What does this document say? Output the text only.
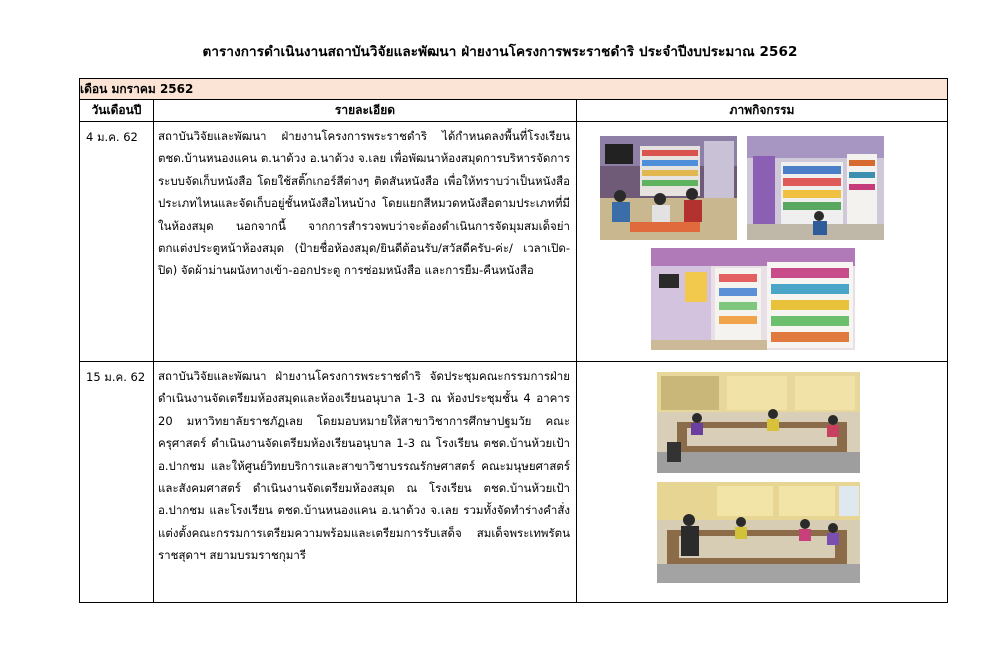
ตารางการดำเนินงานสถาบันวิจัยและพัฒนา ฝ่ายงานโครงการพระราชดำริ ประจำปีงบประมาณ 2562
เดือน มกราคม 2562		
วันเดือนปี	รายละเอียด	ภาพกิจกรรม
4 ม.ค. 62	สถาบันวิจัยและพัฒนา ฝ่ายงานโครงการพระราชดำริ ได้กำหนดลงพื้นที่โรงเรียน ตชด.บ้านหนองแคน ต.นาด้วง อ.นาด้วง จ.เลย เพื่อพัฒนาห้องสมุดการบริหารจัดการระบบจัดเก็บหนังสือ โดยใช้สติ๊กเกอร์สีต่างๆ ติดสันหนังสือ เพื่อให้ทราบว่าเป็นหนังสือประเภทไหนและจัดเก็บอยู่ชั้นหนังสือไหนบ้าง โดยแยกสีหมวดหนังสือตามประเภทที่มีในห้องสมุด นอกจากนี้ จากการสำรวจพบว่าจะต้องดำเนินการจัดมุมสมเด็จย่า ตกแต่งประตูหน้าห้องสมุด (ป้ายชื่อห้องสมุด/ยินดีต้อนรับ/สวัสดีครับ-ค่ะ/ เวลาเปิด-ปิด) จัดผ้าม่านผนังทางเข้า-ออกประตู การซ่อมหนังสือ และการยืม-คืนหนังสือ	

15 ม.ค. 62	สถาบันวิจัยและพัฒนา ฝ่ายงานโครงการพระราชดำริ จัดประชุมคณะกรรมการฝ่ายดำเนินงานจัดเตรียมห้องสมุดและห้องเรียนอนุบาล 1-3 ณ ห้องประชุมชั้น 4 อาคาร 20 มหาวิทยาลัยราชภัฏเลย โดยมอบหมายให้สาขาวิชาการศึกษาปฐมวัย คณะครุศาสตร์ ดำเนินงานจัดเตรียมห้องเรียนอนุบาล 1-3 ณ โรงเรียน ตชด.บ้านห้วยเป้า อ.ปากชม และให้ศูนย์วิทยบริการและสาขาวิชาบรรณรักษศาสตร์ คณะมนุษยศาสตร์และสังคมศาสตร์ ดำเนินงานจัดเตรียมห้องสมุด ณ โรงเรียน ตชด.บ้านห้วยเป้า อ.ปากชม และโรงเรียน ตชด.บ้านหนองแคน อ.นาด้วง จ.เลย รวมทั้งจัดทำร่างคำสั่งแต่งตั้งคณะกรรมการเตรียมความพร้อมและเตรียมการรับเสด็จ สมเด็จพระเทพรัตนราชสุดาฯ สยามบรมราชกุมารี	
